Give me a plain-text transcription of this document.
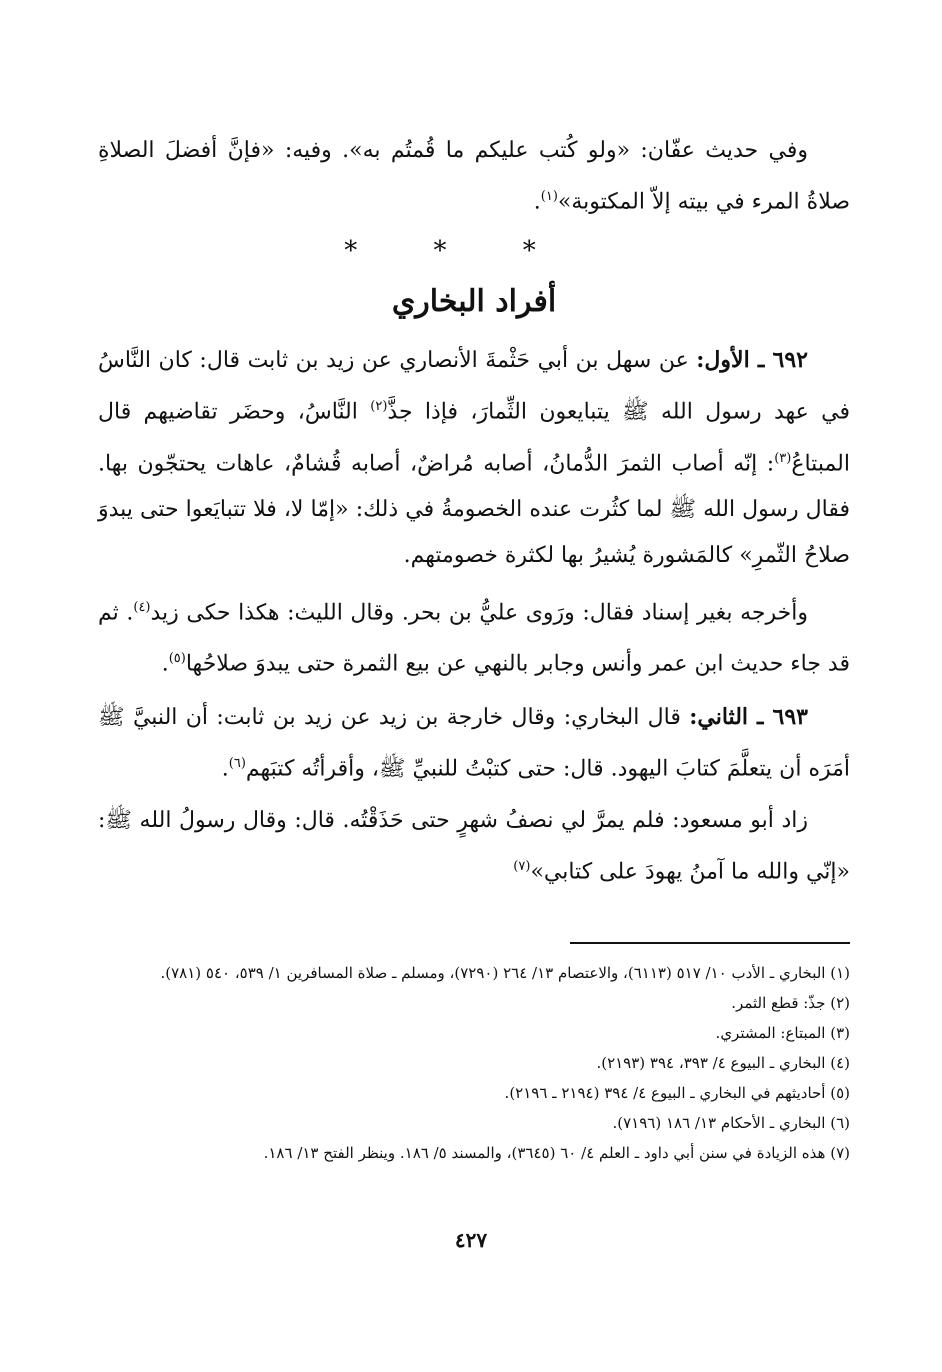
وفي حديث عفّان: «ولو كُتب عليكم ما قُمتُم به». وفيه: «فإنَّ أفضلَ الصلاةِ صلاةُ المرء في بيته إلاّ المكتوبة»$^{(١)}$.

* * *
أفراد البخاري

٦٩٢ ـ الأول: عن سهل بن أبي حَثْمةَ الأنصاري عن زيد بن ثابت قال: كان النَّاسُ في عهد رسول الله ﷺ يتبايعون الثِّمارَ، فإذا جذَّ$^{(٢)}$ النَّاسُ، وحضَر تقاضيهم قال المبتاعُ$^{(٣)}$: إنّه أصاب الثمرَ الدُّمانُ، أصابه مُراضٌ، أصابه قُشامٌ، عاهات يحتجّون بها. فقال رسول الله ﷺ لما كثُرت عنده الخصومةُ في ذلك: «إمّا لا، فلا تتبايَعوا حتى يبدوَ صلاحُ الثّمرِ» كالمَشورة يُشيرُ بها لكثرة خصومتهم.

وأخرجه بغير إسناد فقال: ورَوى عليُّ بن بحر. وقال الليث: هكذا حكى زيد$^{(٤)}$. ثم قد جاء حديث ابن عمر وأنس وجابر بالنهي عن بيع الثمرة حتى يبدوَ صلاحُها$^{(٥)}$.

٦٩٣ ـ الثاني: قال البخاري: وقال خارجة بن زيد عن زيد بن ثابت: أن النبيَّ ﷺ أمَرَه أن يتعلَّمَ كتابَ اليهود. قال: حتى كتبْتُ للنبيِّ ﷺ، وأقرأتُه كتبَهم$^{(٦)}$.

زاد أبو مسعود: فلم يمرَّ لي نصفُ شهرٍ حتى حَذَقْتُه. قال: وقال رسولُ الله ﷺ: «إنّي والله ما آمنُ يهودَ على كتابي»$^{(٧)}$

(١) البخاري ـ الأدب ١٠/ ٥١٧ (٦١١٣)، والاعتصام ١٣/ ٢٦٤ (٧٢٩٠)، ومسلم ـ صلاة المسافرين ١/ ٥٣٩، ٥٤٠ (٧٨١).
(٢) جذّ: قطع الثمر.
(٣) المبتاع: المشتري.
(٤) البخاري ـ البيوع ٤/ ٣٩٣، ٣٩٤ (٢١٩٣).
(٥) أحاديثهم في البخاري ـ البيوع ٤/ ٣٩٤ (٢١٩٤ ـ ٢١٩٦).
(٦) البخاري ـ الأحكام ١٣/ ١٨٦ (٧١٩٦).
(٧) هذه الزيادة في سنن أبي داود ـ العلم ٤/ ٦٠ (٣٦٤٥)، والمسند ٥/ ١٨٦. وينظر الفتح ١٣/ ١٨٦.
٤٢٧
